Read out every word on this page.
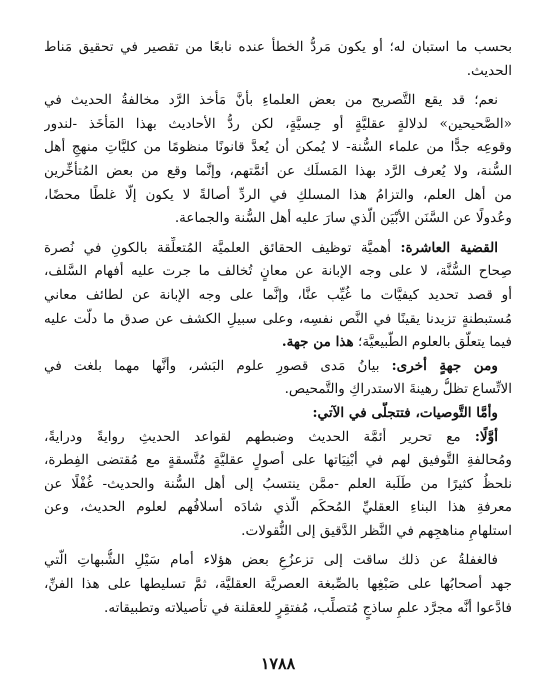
بحسب ما استبان له؛ أو يكون مَردُّ الخطأ عنده نابعًا من تقصير في تحقيق مَناط
الحديث.
نعم؛ قد يقع التَّصريح من بعض العلماءِ بأنَّ مَأخذ الرَّد مخالفةُ الحديث في
«الصَّحيحين» لدلالةٍ عقليَّةٍ أو حِسيَّةٍ، لكن ردُّ الأحاديث بهذا المَأخَذ -لندور
وقوعِه جدًّا من علماء السُّنة- لا يُمكن أن يُعدَّ قانونًا منظومًا من كليَّاتِ منهجِ أهل
السُّنة، ولا يُعرف الرَّد بهذا المَسلَك عن أئمَّتهم، وإنَّما وقع من بعض المُتأخِّرين
من أهل العلم، والتزامُ هذا المسلكِ في الردِّ أصالةً لا يكون إلَّا غلطًا محضًا،
وعُدولًا عن السَّنَن الأبْيَن الَّذي سارَ عليه أهل السُّنة والجماعة.
القضية العاشرة: أهميَّة توظيف الحقائق العلميَّة المُتعلِّقة بالكونِ في نُصرة
صِحاح السُّنَّة، لا على وجه الإبانة عن معانٍ تُخالف ما جرت عليه أفهام السَّلف،
أو قصد تحديد كيفيَّات ما غُيِّب عنَّا، وإنَّما على وجه الإبانة عن لطائف معاني
مُستبطنةٍ تزيدنا يقينًا في النَّص نفسِه، وعلى سبيلِ الكشف عن صدق ما دلَّت عليه
فيما يتعلَّق بالعلوم الطَّبيعيَّة؛ هذا من جهة.
ومن جهةٍ أخرى: بيانُ مَدى قصورِ علوم البَشر، وأنَّها مهما بلغت في
الاتِّساع تظلُّ رهينةَ الاستدراكِ والتَّمحيص.
وأمَّا التَّوصيات، فتتجلَّى في الآتي:
أوَّلًا: مع تحرير أئمَّة الحديث وضبطهم لقواعد الحديثِ روايةً ودرايةً،
ومُحالفةِ التَّوفيق لهم في أبْنِيَاتها على أصولٍ عقليَّةٍ مُتَّسقةٍ مع مُقتضى الفِطرة،
نلحظُ كثيرًا من طَلَبة العلم -ممَّن ينتسبُ إلى أهل السُّنة والحديث- غُفْلًا عن
معرفةِ هذا البناءِ العقليِّ المُحكَم الَّذي شادَه أسلافُهم لعلوم الحديث، وعن
استلهامِ مناهجِهم في النَّظر الدَّقيق إلى النُّقولات.
فالغفلةُ عن ذلك ساقت إلى تزعزُعِ بعض هؤلاء أمام سَيْلِ الشُّبهاتِ الَّتي
جهد أصحابُها على صَبْغِها بالصِّبغة العصريَّة العقليَّة، ثمَّ تسليطها على هذا الفنِّ،
فادَّعوا أنَّه مجرَّد علمِ ساذجٍ مُتصلِّب، مُفتقِرٍ للعقلنة في تأصيلاته وتطبيقاته.
١٧٨٨
